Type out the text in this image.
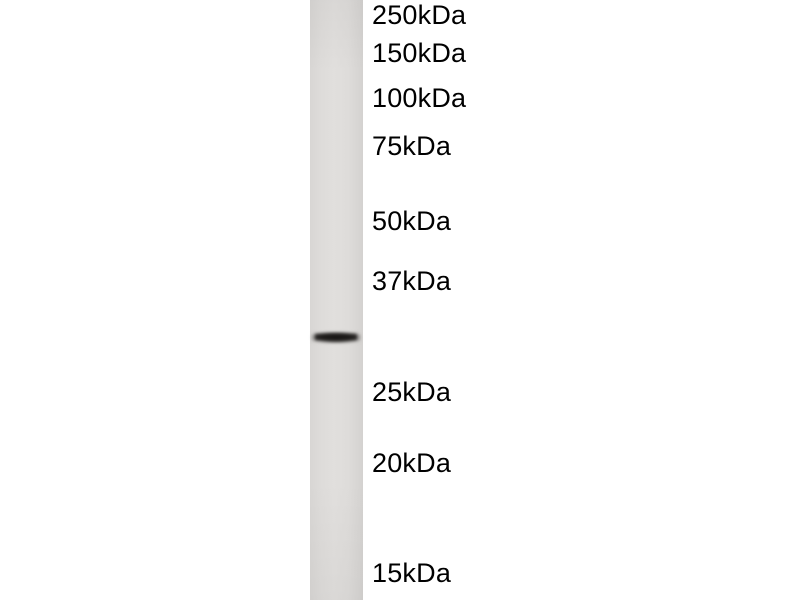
250kDa
150kDa
100kDa
75kDa
50kDa
37kDa
25kDa
20kDa
15kDa
